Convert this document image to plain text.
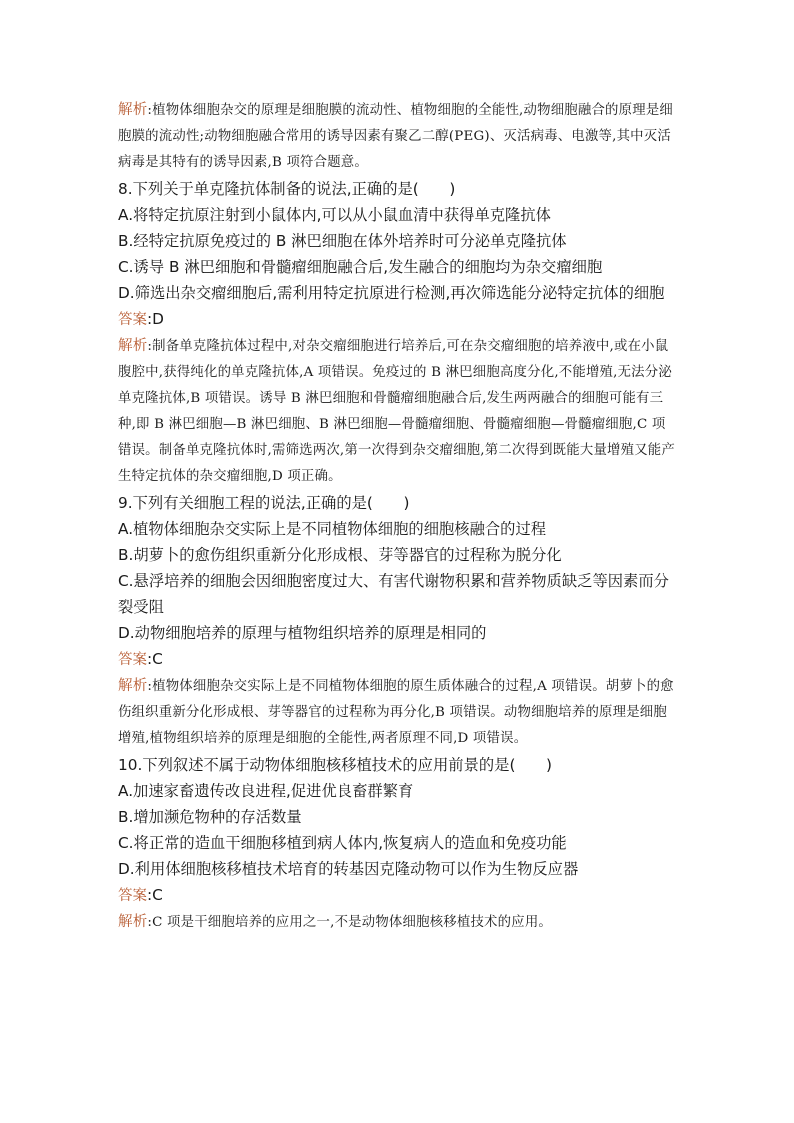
解析:植物体细胞杂交的原理是细胞膜的流动性、植物细胞的全能性,动物细胞融合的原理是细胞膜的流动性;动物细胞融合常用的诱导因素有聚乙二醇(PEG)、灭活病毒、电激等,其中灭活病毒是其特有的诱导因素,B 项符合题意。

8.下列关于单克隆抗体制备的说法,正确的是(　　)

A.将特定抗原注射到小鼠体内,可以从小鼠血清中获得单克隆抗体

B.经特定抗原免疫过的 B 淋巴细胞在体外培养时可分泌单克隆抗体

C.诱导 B 淋巴细胞和骨髓瘤细胞融合后,发生融合的细胞均为杂交瘤细胞

D.筛选出杂交瘤细胞后,需利用特定抗原进行检测,再次筛选能分泌特定抗体的细胞

答案:D

解析:制备单克隆抗体过程中,对杂交瘤细胞进行培养后,可在杂交瘤细胞的培养液中,或在小鼠腹腔中,获得纯化的单克隆抗体,A 项错误。免疫过的 B 淋巴细胞高度分化,不能增殖,无法分泌单克隆抗体,B 项错误。诱导 B 淋巴细胞和骨髓瘤细胞融合后,发生两两融合的细胞可能有三种,即 B 淋巴细胞—B 淋巴细胞、B 淋巴细胞—骨髓瘤细胞、骨髓瘤细胞—骨髓瘤细胞,C 项错误。制备单克隆抗体时,需筛选两次,第一次得到杂交瘤细胞,第二次得到既能大量增殖又能产生特定抗体的杂交瘤细胞,D 项正确。

9.下列有关细胞工程的说法,正确的是(　　)

A.植物体细胞杂交实际上是不同植物体细胞的细胞核融合的过程

B.胡萝卜的愈伤组织重新分化形成根、芽等器官的过程称为脱分化

C.悬浮培养的细胞会因细胞密度过大、有害代谢物积累和营养物质缺乏等因素而分裂受阻

D.动物细胞培养的原理与植物组织培养的原理是相同的

答案:C

解析:植物体细胞杂交实际上是不同植物体细胞的原生质体融合的过程,A 项错误。胡萝卜的愈伤组织重新分化形成根、芽等器官的过程称为再分化,B 项错误。动物细胞培养的原理是细胞增殖,植物组织培养的原理是细胞的全能性,两者原理不同,D 项错误。

10.下列叙述不属于动物体细胞核移植技术的应用前景的是(　　)

A.加速家畜遗传改良进程,促进优良畜群繁育

B.增加濒危物种的存活数量

C.将正常的造血干细胞移植到病人体内,恢复病人的造血和免疫功能

D.利用体细胞核移植技术培育的转基因克隆动物可以作为生物反应器

答案:C

解析:C 项是干细胞培养的应用之一,不是动物体细胞核移植技术的应用。
